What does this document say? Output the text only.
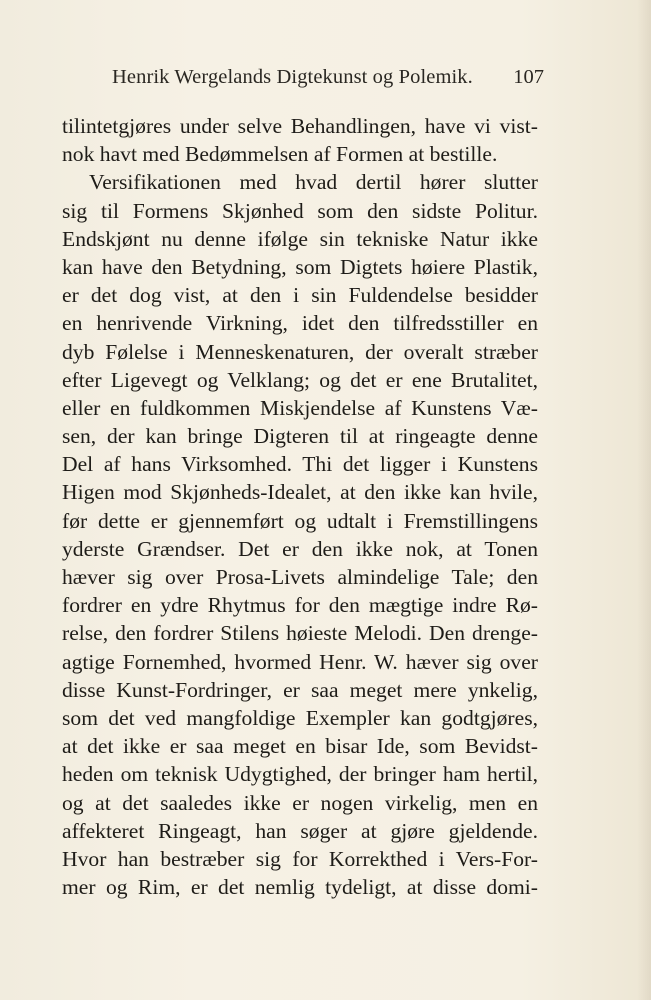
Henrik Wergelands Digtekunst og Polemik. 107
tilintetgjøres under selve Behandlingen, have vi vist-
nok havt med Bedømmelsen af Formen at bestille.
Versifikationen med hvad dertil hører slutter
sig til Formens Skjønhed som den sidste Politur.
Endskjønt nu denne ifølge sin tekniske Natur ikke
kan have den Betydning, som Digtets høiere Plastik,
er det dog vist, at den i sin Fuldendelse besidder
en henrivende Virkning, idet den tilfredsstiller en
dyb Følelse i Menneskenaturen, der overalt stræber
efter Ligevegt og Velklang; og det er ene Brutalitet,
eller en fuldkommen Miskjendelse af Kunstens Væ-
sen, der kan bringe Digteren til at ringeagte denne
Del af hans Virksomhed. Thi det ligger i Kunstens
Higen mod Skjønheds-Idealet, at den ikke kan hvile,
før dette er gjennemført og udtalt i Fremstillingens
yderste Grændser. Det er den ikke nok, at Tonen
hæver sig over Prosa-Livets almindelige Tale; den
fordrer en ydre Rhytmus for den mægtige indre Rø-
relse, den fordrer Stilens høieste Melodi. Den drenge-
agtige Fornemhed, hvormed Henr. W. hæver sig over
disse Kunst-Fordringer, er saa meget mere ynkelig,
som det ved mangfoldige Exempler kan godtgjøres,
at det ikke er saa meget en bisar Ide, som Bevidst-
heden om teknisk Udygtighed, der bringer ham hertil,
og at det saaledes ikke er nogen virkelig, men en
affekteret Ringeagt, han søger at gjøre gjeldende.
Hvor han bestræber sig for Korrekthed i Vers-For-
mer og Rim, er det nemlig tydeligt, at disse domi-
